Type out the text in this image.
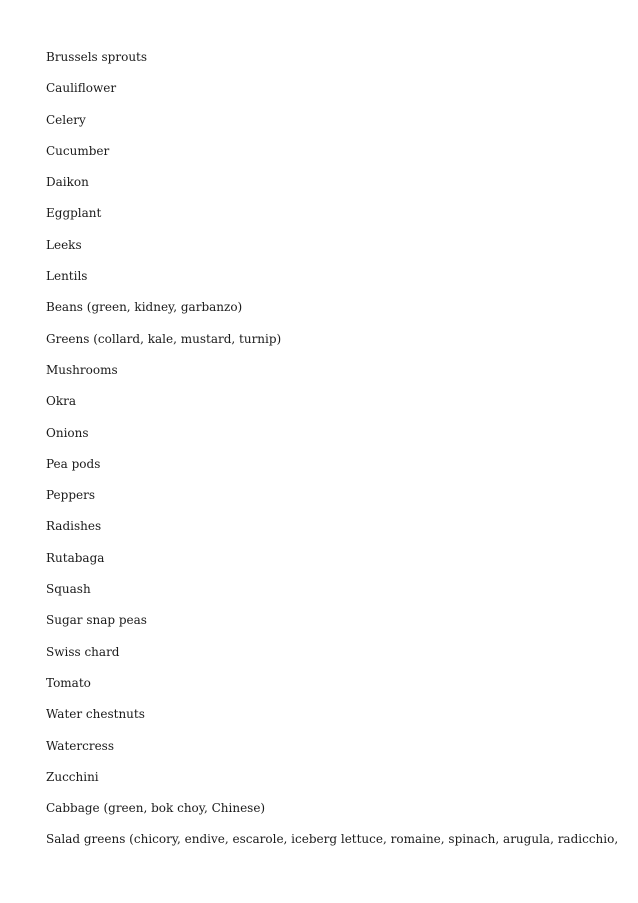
Brussels sprouts
Cauliflower
Celery
Cucumber
Daikon
Eggplant
Leeks
Lentils
Beans (green, kidney, garbanzo)
Greens (collard, kale, mustard, turnip)
Mushrooms
Okra
Onions
Pea pods
Peppers
Radishes
Rutabaga
Squash
Sugar snap peas
Swiss chard
Tomato
Water chestnuts
Watercress
Zucchini
Cabbage (green, bok choy, Chinese)
Salad greens (chicory, endive, escarole, iceberg lettuce, romaine, spinach, arugula, radicchio,
